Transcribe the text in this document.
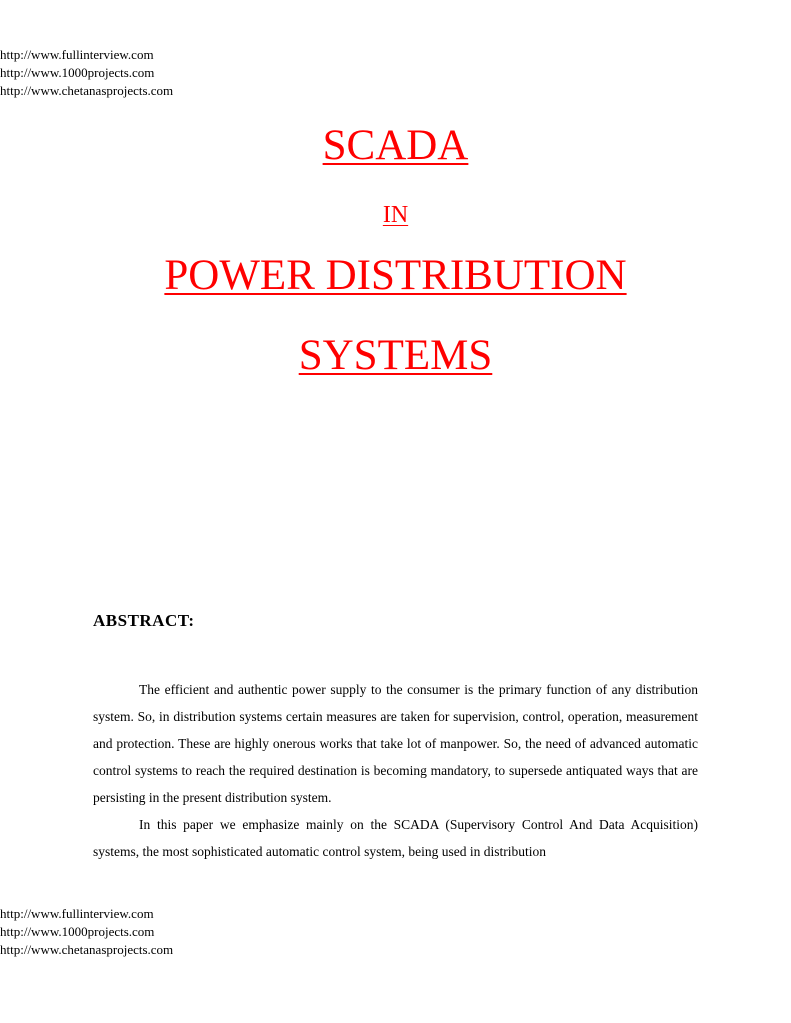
http://www.fullinterview.com
http://www.1000projects.com
http://www.chetanasprojects.com
SCADA
IN
POWER DISTRIBUTION
SYSTEMS
ABSTRACT:

The efficient and authentic power supply to the consumer is the primary function of any distribution system. So, in distribution systems certain measures are taken for supervision, control, operation, measurement and protection. These are highly onerous works that take lot of manpower. So, the need of advanced automatic control systems to reach the required destination is becoming mandatory, to supersede antiquated ways that are persisting in the present distribution system.

In this paper we emphasize mainly on the SCADA (Supervisory Control And Data Acquisition) systems, the most sophisticated automatic control system, being used in distribution

http://www.fullinterview.com
http://www.1000projects.com
http://www.chetanasprojects.com
